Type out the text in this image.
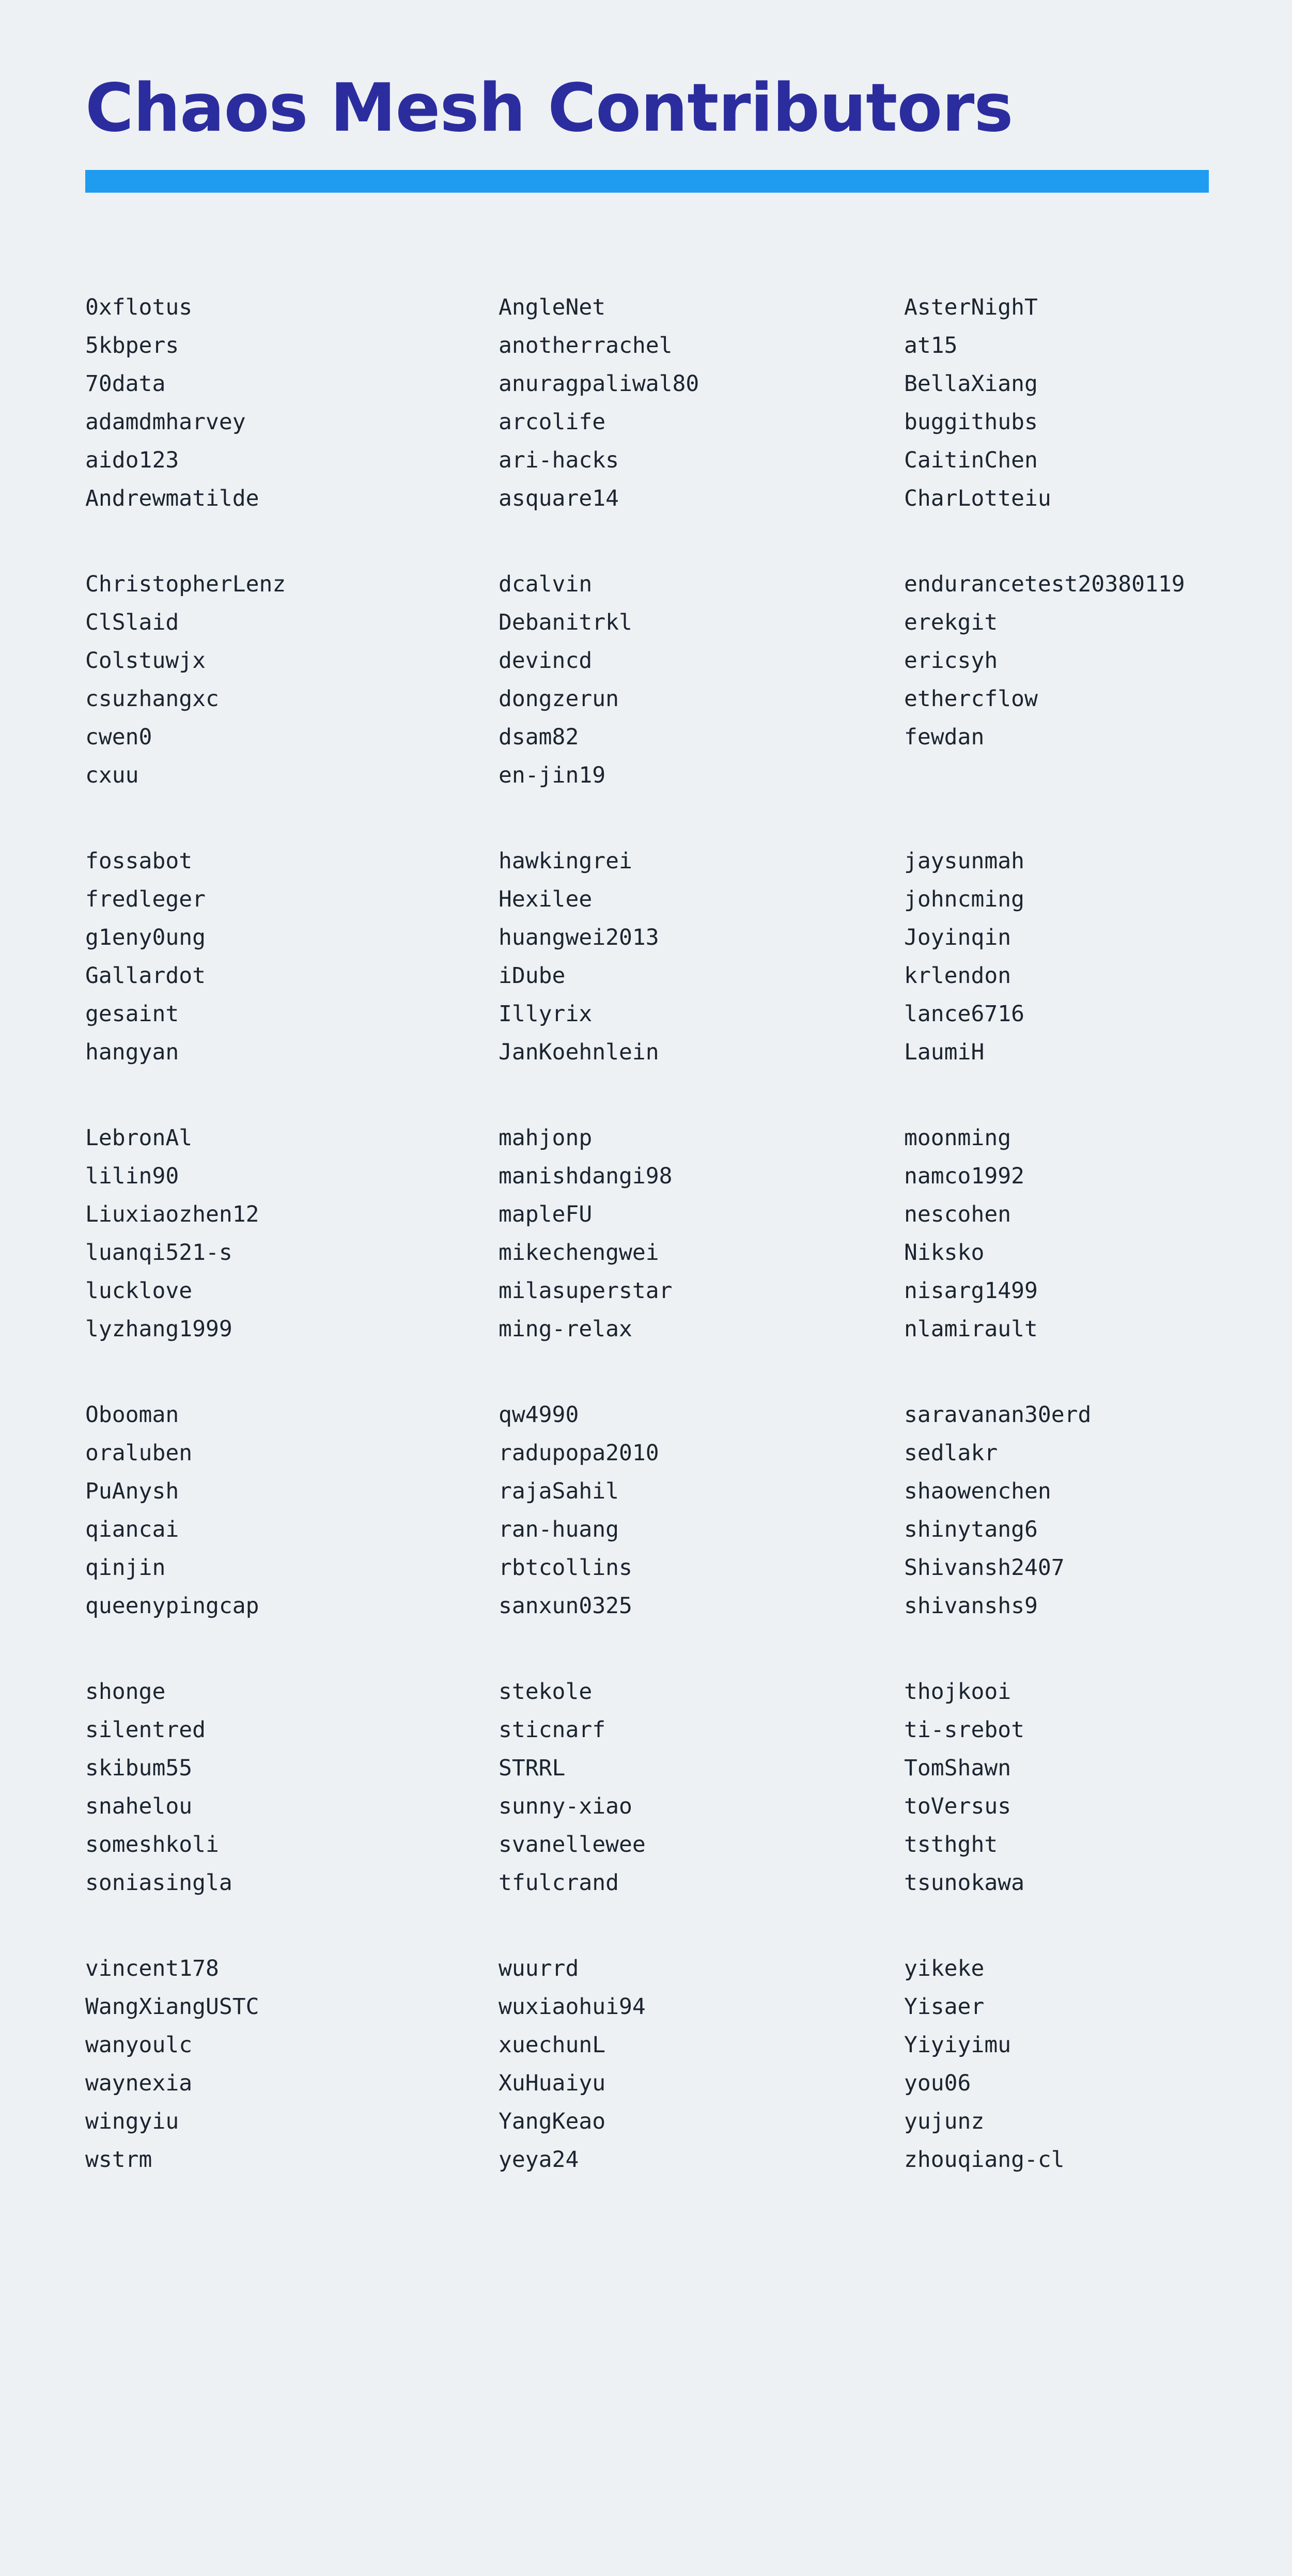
Chaos Mesh Contributors
0xflotus
5kbpers
70data
adamdmharvey
aido123
Andrewmatilde
AngleNet
anotherrachel
anuragpaliwal80
arcolife
ari-hacks
asquare14
AsterNighT
at15
BellaXiang
buggithubs
CaitinChen
CharLotteiu
ChristopherLenz
ClSlaid
Colstuwjx
csuzhangxc
cwen0
cxuu
dcalvin
Debanitrkl
devincd
dongzerun
dsam82
en-jin19
endurancetest20380119
erekgit
ericsyh
ethercflow
fewdan
fossabot
fredleger
g1eny0ung
Gallardot
gesaint
hangyan
hawkingrei
Hexilee
huangwei2013
iDube
Illyrix
JanKoehnlein
jaysunmah
johncming
Joyinqin
krlendon
lance6716
LaumiH
LebronAl
lilin90
Liuxiaozhen12
luanqi521-s
lucklove
lyzhang1999
mahjonp
manishdangi98
mapleFU
mikechengwei
milasuperstar
ming-relax
moonming
namco1992
nescohen
Niksko
nisarg1499
nlamirault
Obooman
oraluben
PuAnysh
qiancai
qinjin
queenypingcap
qw4990
radupopa2010
rajaSahil
ran-huang
rbtcollins
sanxun0325
saravanan30erd
sedlakr
shaowenchen
shinytang6
Shivansh2407
shivanshs9
shonge
silentred
skibum55
snahelou
someshkoli
soniasingla
stekole
sticnarf
STRRL
sunny-xiao
svanellewee
tfulcrand
thojkooi
ti-srebot
TomShawn
toVersus
tsthght
tsunokawa
vincent178
WangXiangUSTC
wanyoulc
waynexia
wingyiu
wstrm
wuurrd
wuxiaohui94
xuechunL
XuHuaiyu
YangKeao
yeya24
yikeke
Yisaer
Yiyiyimu
you06
yujunz
zhouqiang-cl
